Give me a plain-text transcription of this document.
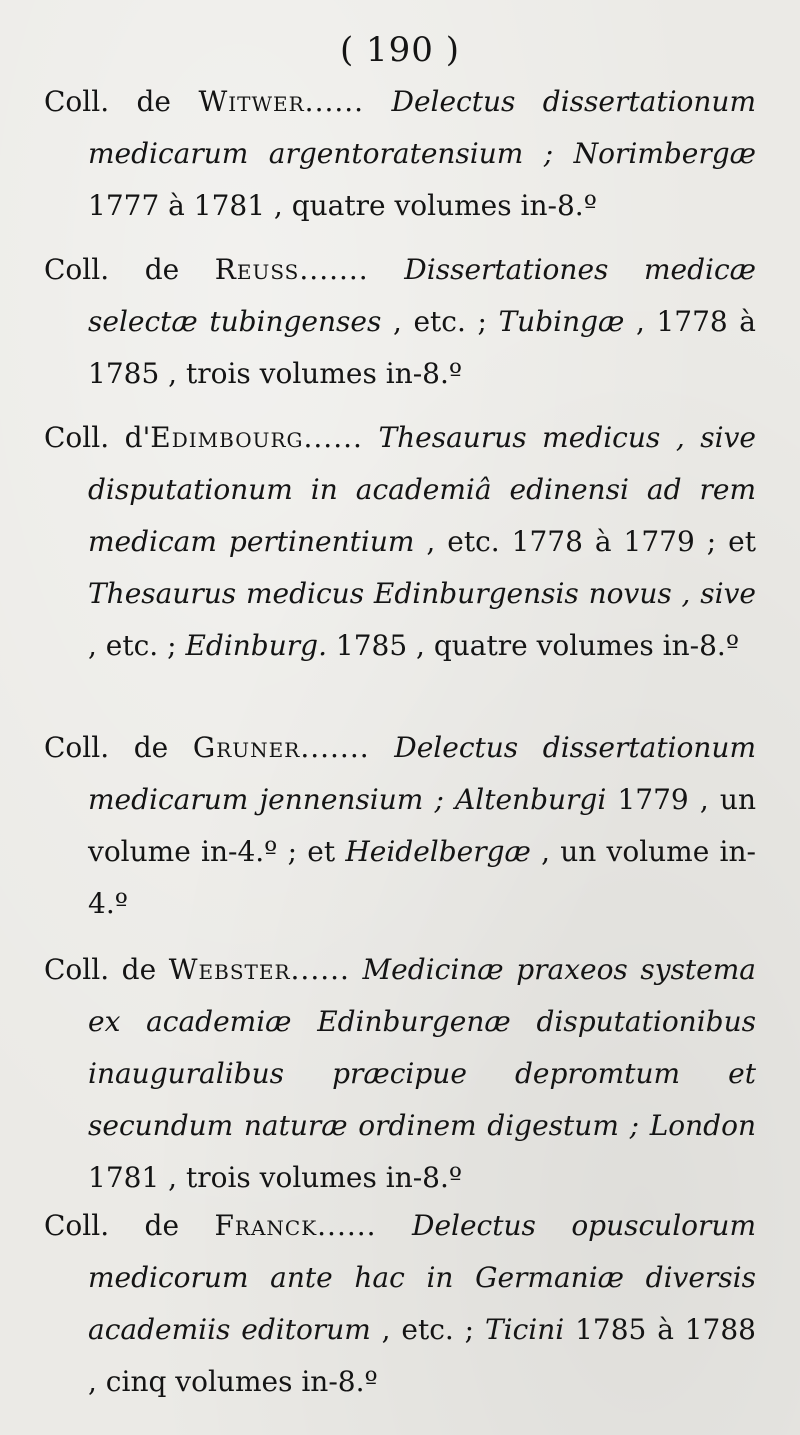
( 190 )

Coll. de Witwer...... Delectus dissertationum medicarum argentoratensium ; Norimbergæ 1777 à 1781 , quatre volumes in-8.º

Coll. de Reuss....... Dissertationes medicæ selectæ tubingenses , etc. ; Tubingæ , 1778 à 1785 , trois volumes in-8.º

Coll. d'Edimbourg...... Thesaurus medicus , sive disputationum in academiâ edinensi ad rem medicam pertinentium , etc. 1778 à 1779 ; et Thesaurus medicus Edinburgensis novus , sive , etc. ; Edinburg. 1785 , quatre volumes in-8.º

Coll. de Gruner....... Delectus dissertationum medicarum jennensium ; Altenburgi 1779 , un volume in-4.º ; et Heidelbergæ , un volume in-4.º

Coll. de Webster...... Medicinæ praxeos systema ex academiæ Edinburgenæ disputationibus inauguralibus præcipue depromtum et secundum naturæ ordinem digestum ; London 1781 , trois volumes in-8.º

Coll. de Franck...... Delectus opusculorum medicorum ante hac in Germaniæ diversis academiis editorum , etc. ; Ticini 1785 à 1788 , cinq volumes in-8.º
